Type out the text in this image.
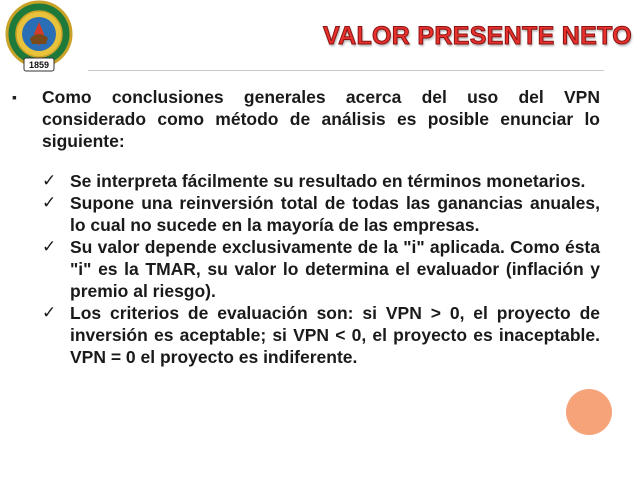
1859
VALOR PRESENTE NETO
▪ Como conclusiones generales acerca del uso del VPN considerado como método de análisis es posible enunciar lo siguiente:
✓ Se interpreta fácilmente su resultado en términos monetarios.
✓ Supone una reinversión total de todas las ganancias anuales, lo cual no sucede en la mayoría de las empresas.
✓ Su valor depende exclusivamente de la "i" aplicada. Como ésta "i" es la TMAR, su valor lo determina el evaluador (inflación y premio al riesgo).
✓ Los criterios de evaluación son: si VPN > 0, el proyecto de inversión es aceptable; si VPN < 0, el proyecto es inaceptable. VPN = 0 el proyecto es indiferente.
